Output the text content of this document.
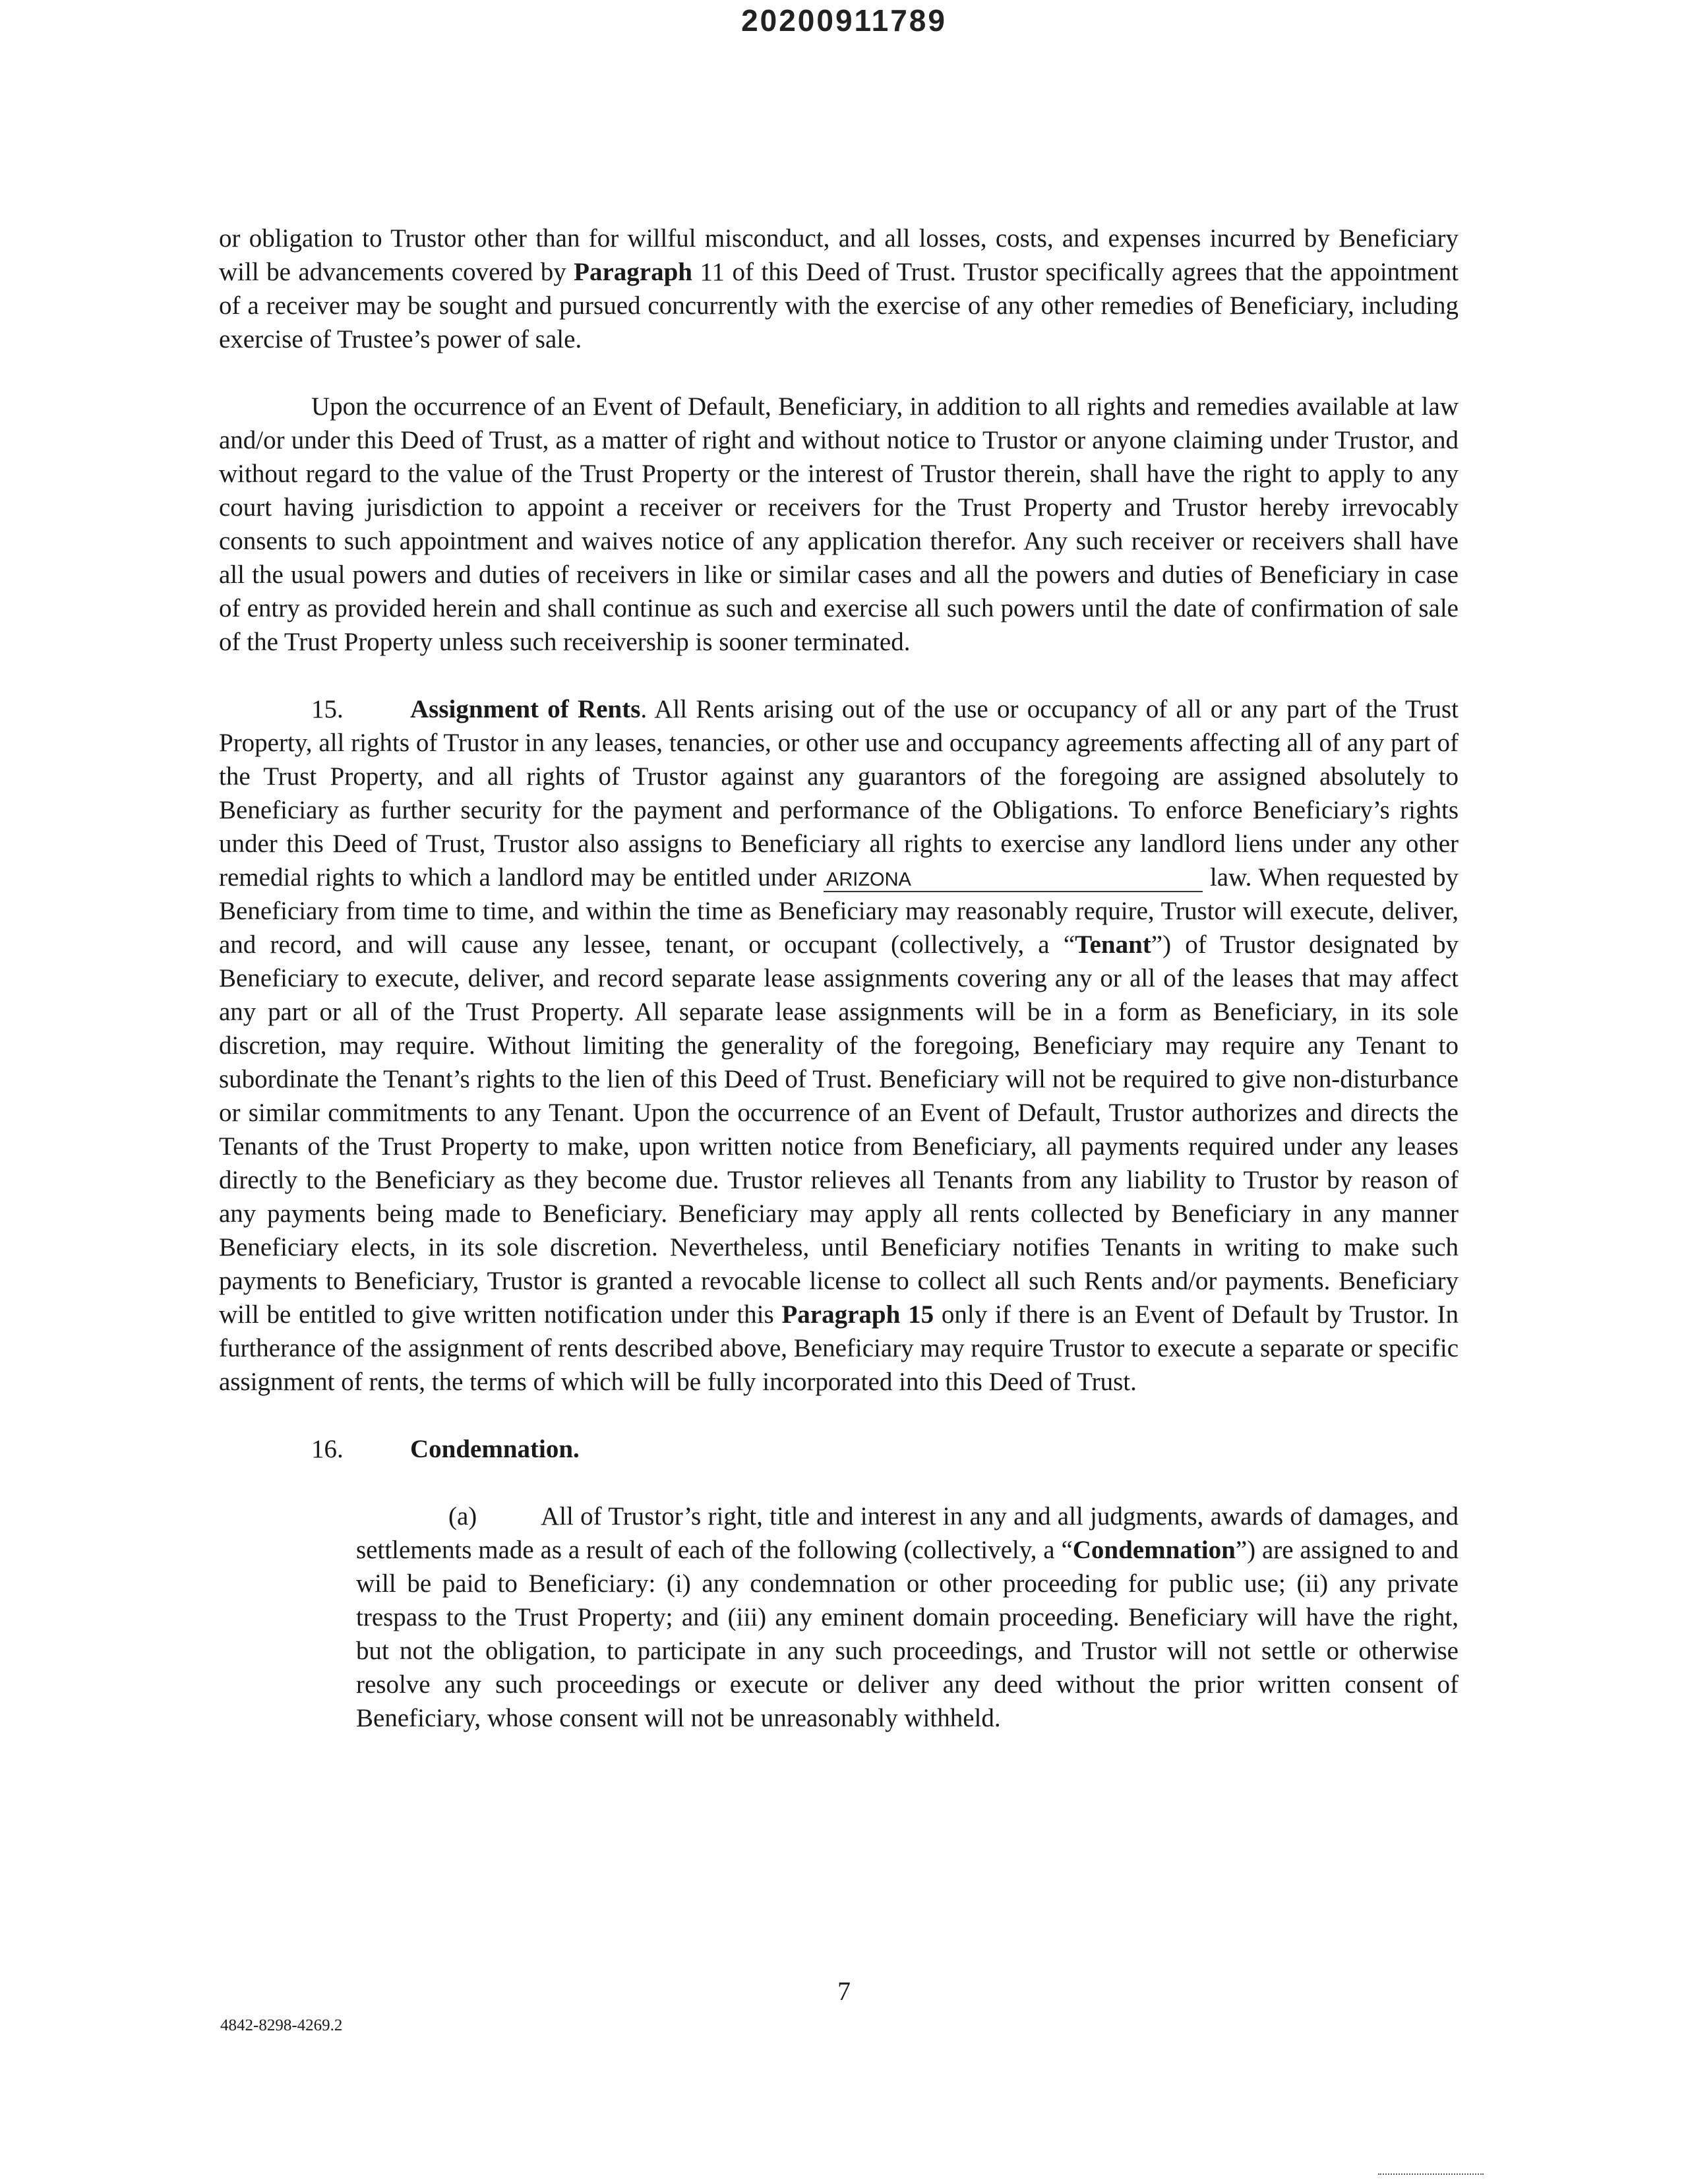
20200911789

or obligation to Trustor other than for willful misconduct, and all losses, costs, and expenses incurred by Beneficiary will be advancements covered by Paragraph 11 of this Deed of Trust. Trustor specifically agrees that the appointment of a receiver may be sought and pursued concurrently with the exercise of any other remedies of Beneficiary, including exercise of Trustee’s power of sale.

Upon the occurrence of an Event of Default, Beneficiary, in addition to all rights and remedies available at law and/or under this Deed of Trust, as a matter of right and without notice to Trustor or anyone claiming under Trustor, and without regard to the value of the Trust Property or the interest of Trustor therein, shall have the right to apply to any court having jurisdiction to appoint a receiver or receivers for the Trust Property and Trustor hereby irrevocably consents to such appointment and waives notice of any application therefor. Any such receiver or receivers shall have all the usual powers and duties of receivers in like or similar cases and all the powers and duties of Beneficiary in case of entry as provided herein and shall continue as such and exercise all such powers until the date of confirmation of sale of the Trust Property unless such receivership is sooner terminated.

15.	Assignment of Rents. All Rents arising out of the use or occupancy of all or any part of the Trust Property, all rights of Trustor in any leases, tenancies, or other use and occupancy agreements affecting all of any part of the Trust Property, and all rights of Trustor against any guarantors of the foregoing are assigned absolutely to Beneficiary as further security for the payment and performance of the Obligations. To enforce Beneficiary’s rights under this Deed of Trust, Trustor also assigns to Beneficiary all rights to exercise any landlord liens under any other remedial rights to which a landlord may be entitled under ARIZONA	law. When requested by Beneficiary from time to time, and within the time as Beneficiary may reasonably require, Trustor will execute, deliver, and record, and will cause any lessee, tenant, or occupant (collectively, a “Tenant”) of Trustor designated by Beneficiary to execute, deliver, and record separate lease assignments covering any or all of the leases that may affect any part or all of the Trust Property. All separate lease assignments will be in a form as Beneficiary, in its sole discretion, may require. Without limiting the generality of the foregoing, Beneficiary may require any Tenant to subordinate the Tenant’s rights to the lien of this Deed of Trust. Beneficiary will not be required to give non-disturbance or similar commitments to any Tenant. Upon the occurrence of an Event of Default, Trustor authorizes and directs the Tenants of the Trust Property to make, upon written notice from Beneficiary, all payments required under any leases directly to the Beneficiary as they become due. Trustor relieves all Tenants from any liability to Trustor by reason of any payments being made to Beneficiary. Beneficiary may apply all rents collected by Beneficiary in any manner Beneficiary elects, in its sole discretion. Nevertheless, until Beneficiary notifies Tenants in writing to make such payments to Beneficiary, Trustor is granted a revocable license to collect all such Rents and/or payments. Beneficiary will be entitled to give written notification under this Paragraph 15 only if there is an Event of Default by Trustor. In furtherance of the assignment of rents described above, Beneficiary may require Trustor to execute a separate or specific assignment of rents, the terms of which will be fully incorporated into this Deed of Trust.

16.	Condemnation.

(a) All of Trustor’s right, title and interest in any and all judgments, awards of damages, and settlements made as a result of each of the following (collectively, a “Condemnation”) are assigned to and will be paid to Beneficiary: (i) any condemnation or other proceeding for public use; (ii) any private trespass to the Trust Property; and (iii) any eminent domain proceeding. Beneficiary will have the right, but not the obligation, to participate in any such proceedings, and Trustor will not settle or otherwise resolve any such proceedings or execute or deliver any deed without the prior written consent of Beneficiary, whose consent will not be unreasonably withheld.

7
4842-8298-4269.2
